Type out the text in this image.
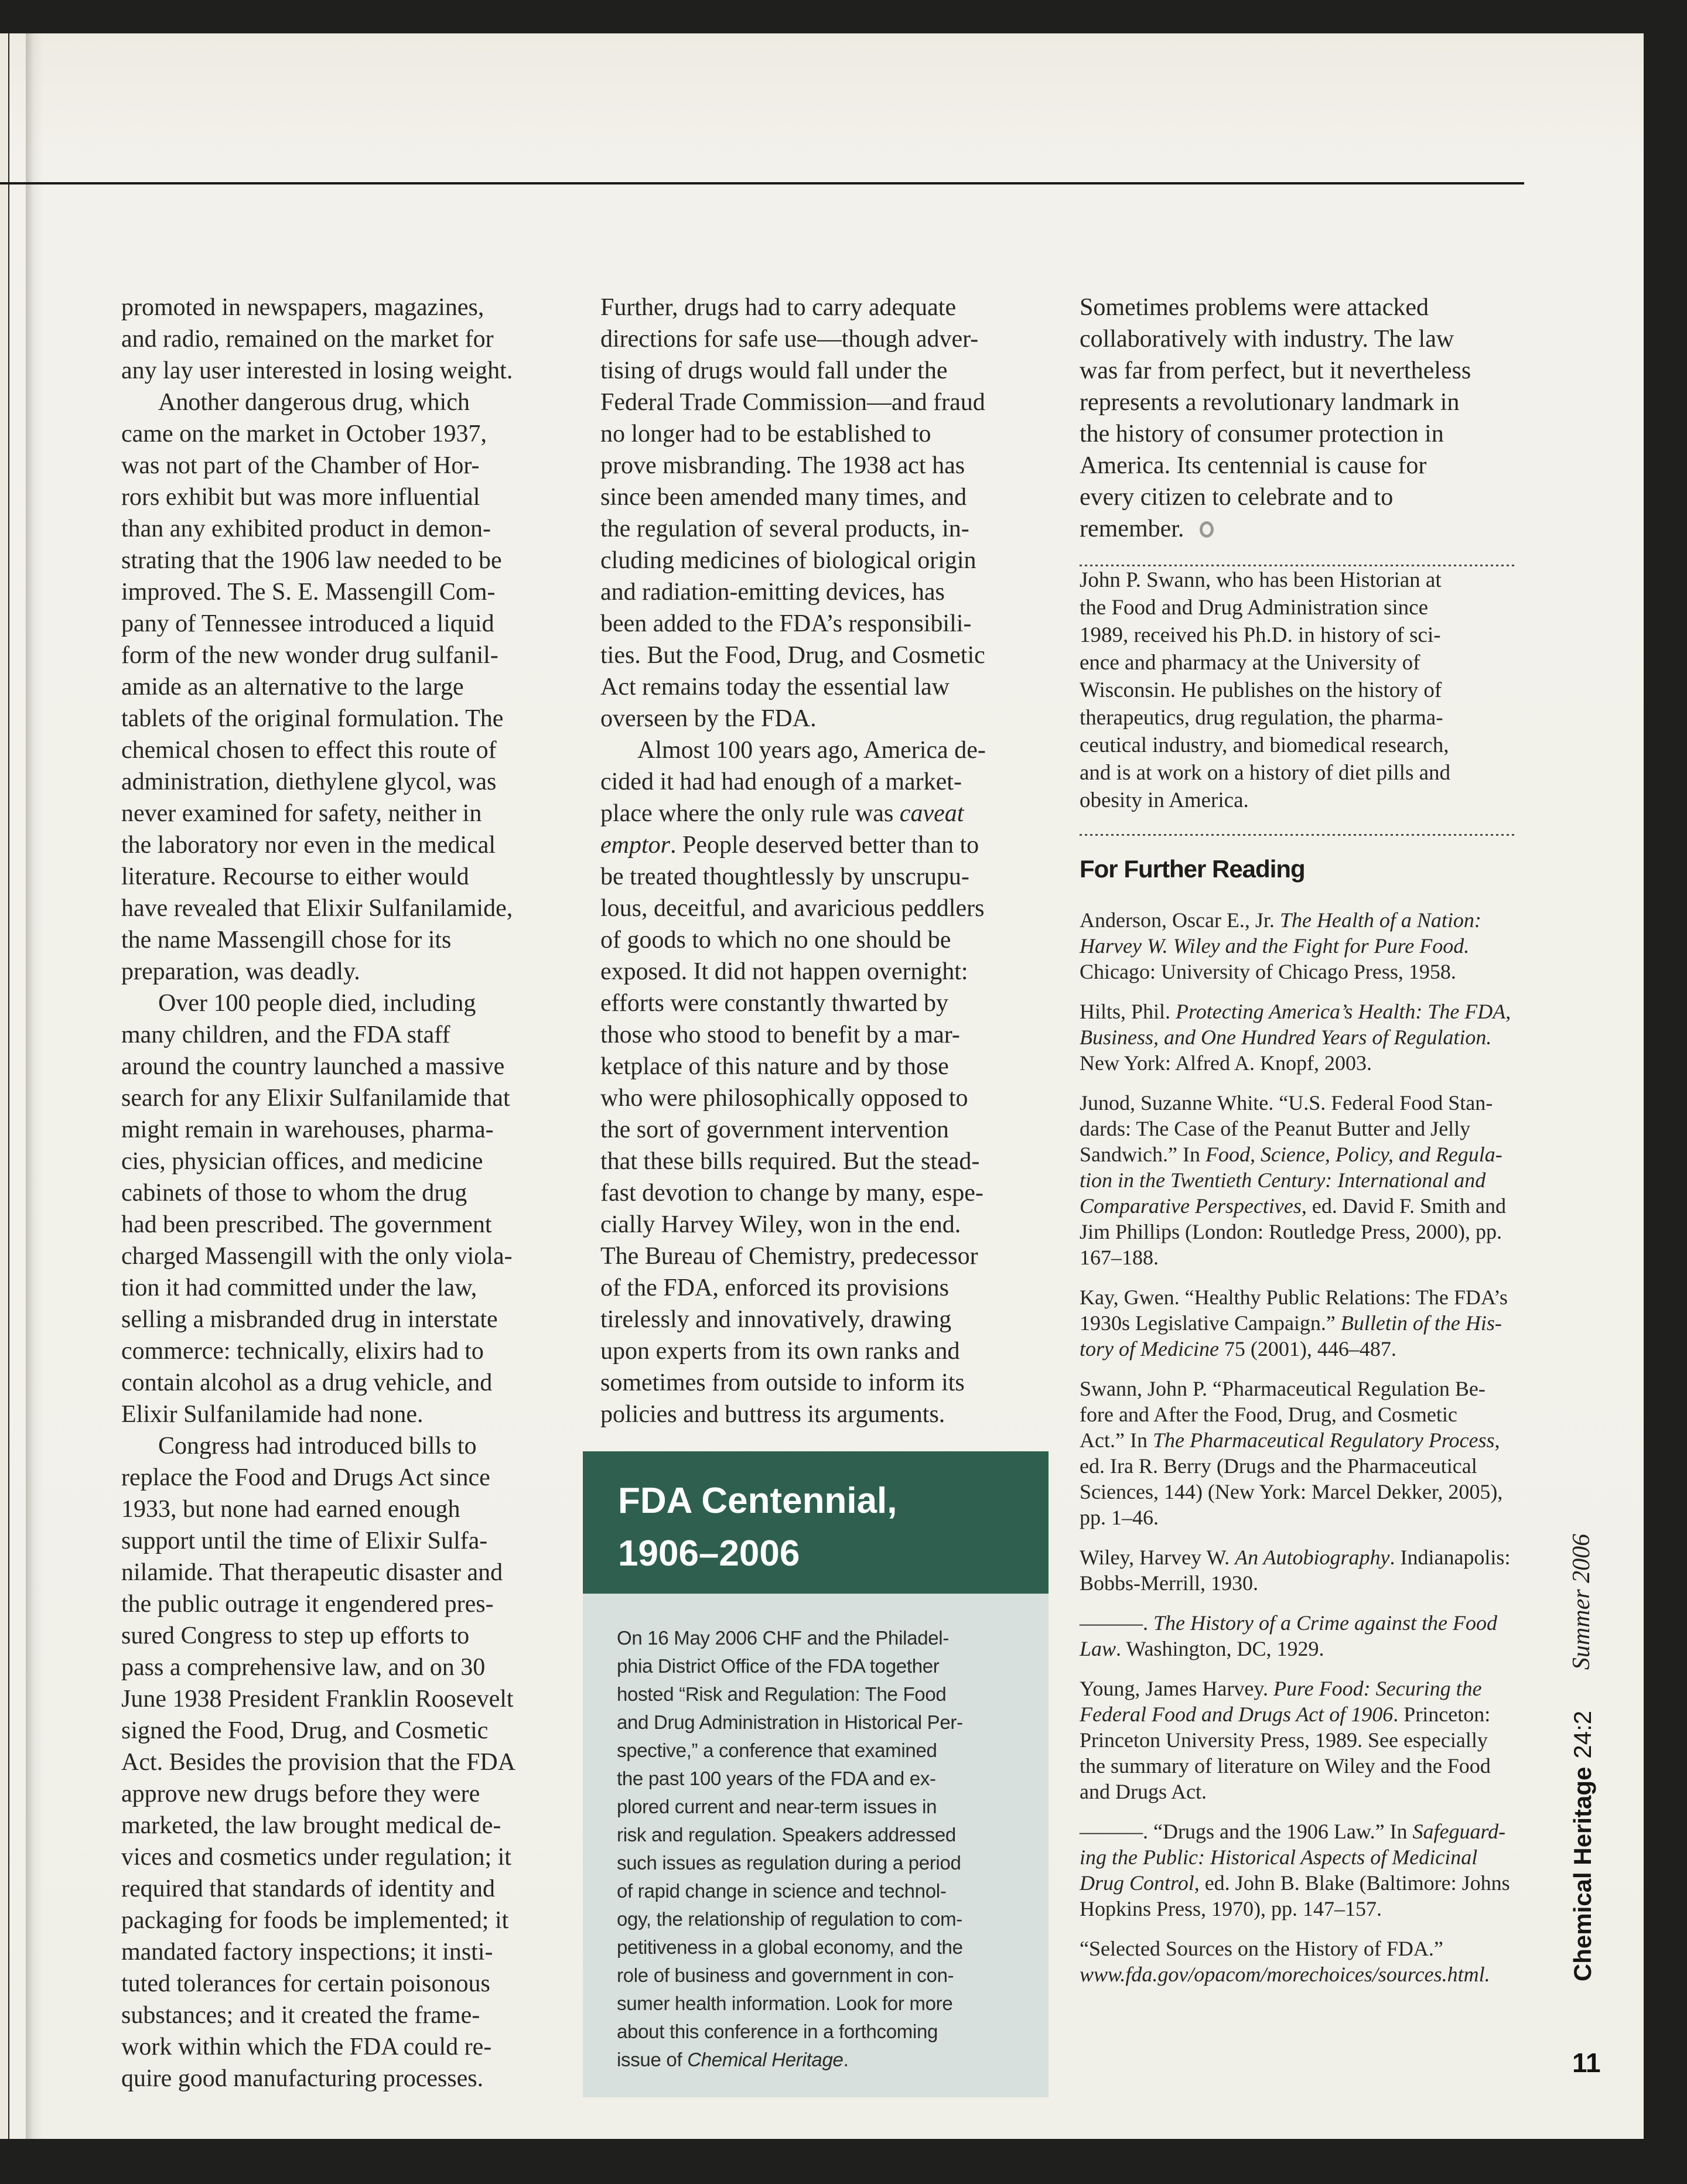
promoted in newspapers, magazines,
and radio, remained on the market for
any lay user interested in losing weight.

  Another dangerous drug, which
came on the market in October 1937,
was not part of the Chamber of Hor-
rors exhibit but was more influential
than any exhibited product in demon-
strating that the 1906 law needed to be
improved. The S. E. Massengill Com-
pany of Tennessee introduced a liquid
form of the new wonder drug sulfanil-
amide as an alternative to the large
tablets of the original formulation. The
chemical chosen to effect this route of
administration, diethylene glycol, was
never examined for safety, neither in
the laboratory nor even in the medical
literature. Recourse to either would
have revealed that Elixir Sulfanilamide,
the name Massengill chose for its
preparation, was deadly.

  Over 100 people died, including
many children, and the FDA staff
around the country launched a massive
search for any Elixir Sulfanilamide that
might remain in warehouses, pharma-
cies, physician offices, and medicine
cabinets of those to whom the drug
had been prescribed. The government
charged Massengill with the only viola-
tion it had committed under the law,
selling a misbranded drug in interstate
commerce: technically, elixirs had to
contain alcohol as a drug vehicle, and
Elixir Sulfanilamide had none.

  Congress had introduced bills to
replace the Food and Drugs Act since
1933, but none had earned enough
support until the time of Elixir Sulfa-
nilamide. That therapeutic disaster and
the public outrage it engendered pres-
sured Congress to step up efforts to
pass a comprehensive law, and on 30
June 1938 President Franklin Roosevelt
signed the Food, Drug, and Cosmetic
Act. Besides the provision that the FDA
approve new drugs before they were
marketed, the law brought medical de-
vices and cosmetics under regulation; it
required that standards of identity and
packaging for foods be implemented; it
mandated factory inspections; it insti-
tuted tolerances for certain poisonous
substances; and it created the frame-
work within which the FDA could re-
quire good manufacturing processes.

Further, drugs had to carry adequate
directions for safe use—though adver-
tising of drugs would fall under the
Federal Trade Commission—and fraud
no longer had to be established to
prove misbranding. The 1938 act has
since been amended many times, and
the regulation of several products, in-
cluding medicines of biological origin
and radiation-emitting devices, has
been added to the FDA’s responsibili-
ties. But the Food, Drug, and Cosmetic
Act remains today the essential law
overseen by the FDA.

  Almost 100 years ago, America de-
cided it had had enough of a market-
place where the only rule was caveat
emptor. People deserved better than to
be treated thoughtlessly by unscrupu-
lous, deceitful, and avaricious peddlers
of goods to which no one should be
exposed. It did not happen overnight:
efforts were constantly thwarted by
those who stood to benefit by a mar-
ketplace of this nature and by those
who were philosophically opposed to
the sort of government intervention
that these bills required. But the stead-
fast devotion to change by many, espe-
cially Harvey Wiley, won in the end.
The Bureau of Chemistry, predecessor
of the FDA, enforced its provisions
tirelessly and innovatively, drawing
upon experts from its own ranks and
sometimes from outside to inform its
policies and buttress its arguments.

Sometimes problems were attacked
collaboratively with industry. The law
was far from perfect, but it nevertheless
represents a revolutionary landmark in
the history of consumer protection in
America. Its centennial is cause for
every citizen to celebrate and to
remember.

John P. Swann, who has been Historian at
the Food and Drug Administration since
1989, received his Ph.D. in history of sci-
ence and pharmacy at the University of
Wisconsin. He publishes on the history of
therapeutics, drug regulation, the pharma-
ceutical industry, and biomedical research,
and is at work on a history of diet pills and
obesity in America.

For Further Reading

Anderson, Oscar E., Jr. The Health of a Nation:
Harvey W. Wiley and the Fight for Pure Food.
Chicago: University of Chicago Press, 1958.

Hilts, Phil. Protecting America’s Health: The FDA,
Business, and One Hundred Years of Regulation.
New York: Alfred A. Knopf, 2003.

Junod, Suzanne White. “U.S. Federal Food Stan-
dards: The Case of the Peanut Butter and Jelly
Sandwich.” In Food, Science, Policy, and Regula-
tion in the Twentieth Century: International and
Comparative Perspectives, ed. David F. Smith and
Jim Phillips (London: Routledge Press, 2000), pp.
167–188.

Kay, Gwen. “Healthy Public Relations: The FDA’s
1930s Legislative Campaign.” Bulletin of the His-
tory of Medicine 75 (2001), 446–487.

Swann, John P. “Pharmaceutical Regulation Be-
fore and After the Food, Drug, and Cosmetic
Act.” In The Pharmaceutical Regulatory Process,
ed. Ira R. Berry (Drugs and the Pharmaceutical
Sciences, 144) (New York: Marcel Dekker, 2005),
pp. 1–46.

Wiley, Harvey W. An Autobiography. Indianapolis:
Bobbs-Merrill, 1930.

———. The History of a Crime against the Food
Law. Washington, DC, 1929.

Young, James Harvey. Pure Food: Securing the
Federal Food and Drugs Act of 1906. Princeton:
Princeton University Press, 1989. See especially
the summary of literature on Wiley and the Food
and Drugs Act.

———. “Drugs and the 1906 Law.” In Safeguard-
ing the Public: Historical Aspects of Medicinal
Drug Control, ed. John B. Blake (Baltimore: Johns
Hopkins Press, 1970), pp. 147–157.

“Selected Sources on the History of FDA.”
www.fda.gov/opacom/morechoices/sources.html.

FDA Centennial,
1906–2006

On 16 May 2006 CHF and the Philadel-
phia District Office of the FDA together
hosted “Risk and Regulation: The Food
and Drug Administration in Historical Per-
spective,” a conference that examined
the past 100 years of the FDA and ex-
plored current and near-term issues in
risk and regulation. Speakers addressed
such issues as regulation during a period
of rapid change in science and technol-
ogy, the relationship of regulation to com-
petitiveness in a global economy, and the
role of business and government in con-
sumer health information. Look for more
about this conference in a forthcoming
issue of Chemical Heritage.

Summer 2006
Chemical Heritage24:2
11
